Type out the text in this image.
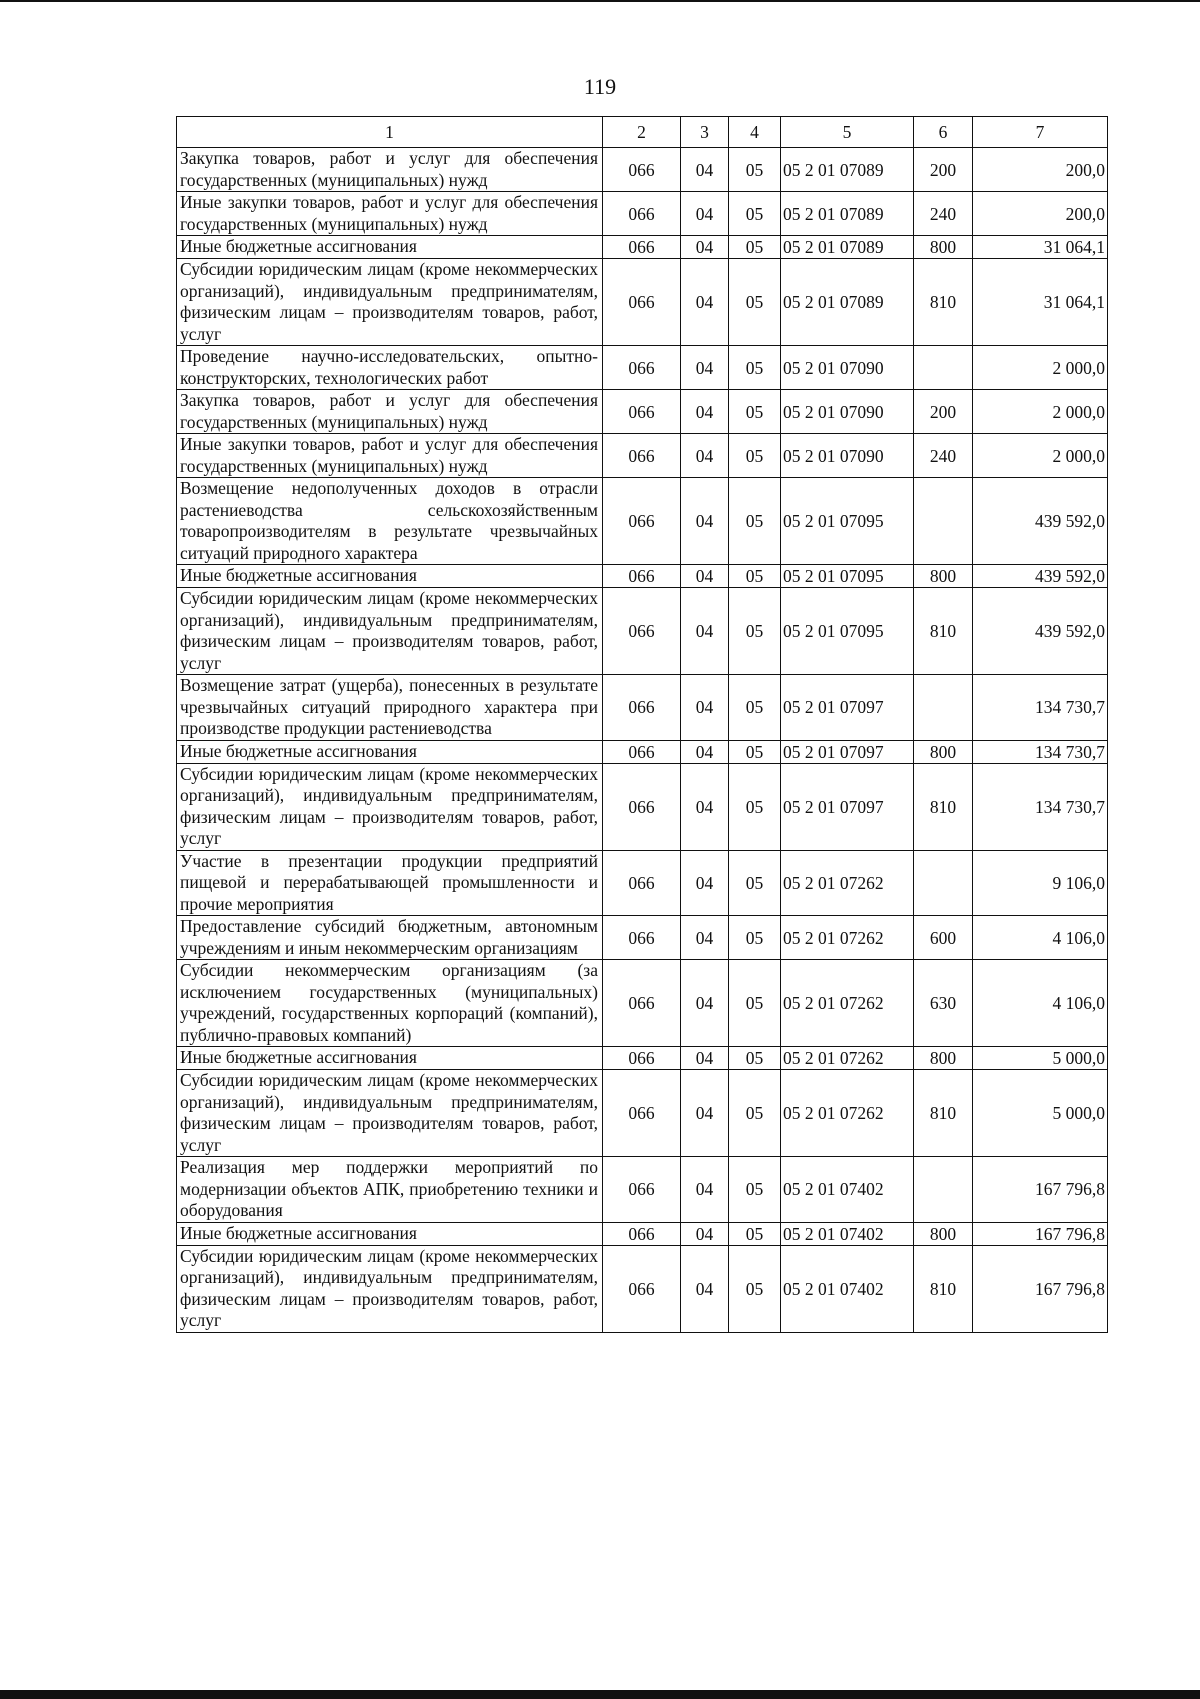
119
1	2	3	4	5	6	7
Закупка товаров, работ и услуг для обеспечения государственных (муниципальных) нужд	066	04	05	05 2 01 07089	200	200,0
Иные закупки товаров, работ и услуг для обеспечения государственных (муниципальных) нужд	066	04	05	05 2 01 07089	240	200,0
Иные бюджетные ассигнования	066	04	05	05 2 01 07089	800	31 064,1
Субсидии юридическим лицам (кроме некоммерческих организаций), индивидуальным предпринимателям, физическим лицам – производителям товаров, работ, услуг	066	04	05	05 2 01 07089	810	31 064,1
Проведение научно-исследовательских, опытно-конструкторских, технологических работ	066	04	05	05 2 01 07090		2 000,0
Закупка товаров, работ и услуг для обеспечения государственных (муниципальных) нужд	066	04	05	05 2 01 07090	200	2 000,0
Иные закупки товаров, работ и услуг для обеспечения государственных (муниципальных) нужд	066	04	05	05 2 01 07090	240	2 000,0
Возмещение недополученных доходов в отрасли растениеводства сельскохозяйственным товаропроизводителям в результате чрезвычайных ситуаций природного характера	066	04	05	05 2 01 07095		439 592,0
Иные бюджетные ассигнования	066	04	05	05 2 01 07095	800	439 592,0
Субсидии юридическим лицам (кроме некоммерческих организаций), индивидуальным предпринимателям, физическим лицам – производителям товаров, работ, услуг	066	04	05	05 2 01 07095	810	439 592,0
Возмещение затрат (ущерба), понесенных в результате чрезвычайных ситуаций природного характера при производстве продукции растениеводства	066	04	05	05 2 01 07097		134 730,7
Иные бюджетные ассигнования	066	04	05	05 2 01 07097	800	134 730,7
Субсидии юридическим лицам (кроме некоммерческих организаций), индивидуальным предпринимателям, физическим лицам – производителям товаров, работ, услуг	066	04	05	05 2 01 07097	810	134 730,7
Участие в презентации продукции предприятий пищевой и перерабатывающей промышленности и прочие мероприятия	066	04	05	05 2 01 07262		9 106,0
Предоставление субсидий бюджетным, автономным учреждениям и иным некоммерческим организациям	066	04	05	05 2 01 07262	600	4 106,0
Субсидии некоммерческим организациям (за исключением государственных (муниципальных) учреждений, государственных корпораций (компаний), публично-правовых компаний)	066	04	05	05 2 01 07262	630	4 106,0
Иные бюджетные ассигнования	066	04	05	05 2 01 07262	800	5 000,0
Субсидии юридическим лицам (кроме некоммерческих организаций), индивидуальным предпринимателям, физическим лицам – производителям товаров, работ, услуг	066	04	05	05 2 01 07262	810	5 000,0
Реализация мер поддержки мероприятий по модернизации объектов АПК, приобретению техники и оборудования	066	04	05	05 2 01 07402		167 796,8
Иные бюджетные ассигнования	066	04	05	05 2 01 07402	800	167 796,8
Субсидии юридическим лицам (кроме некоммерческих организаций), индивидуальным предпринимателям, физическим лицам – производителям товаров, работ, услуг	066	04	05	05 2 01 07402	810	167 796,8
